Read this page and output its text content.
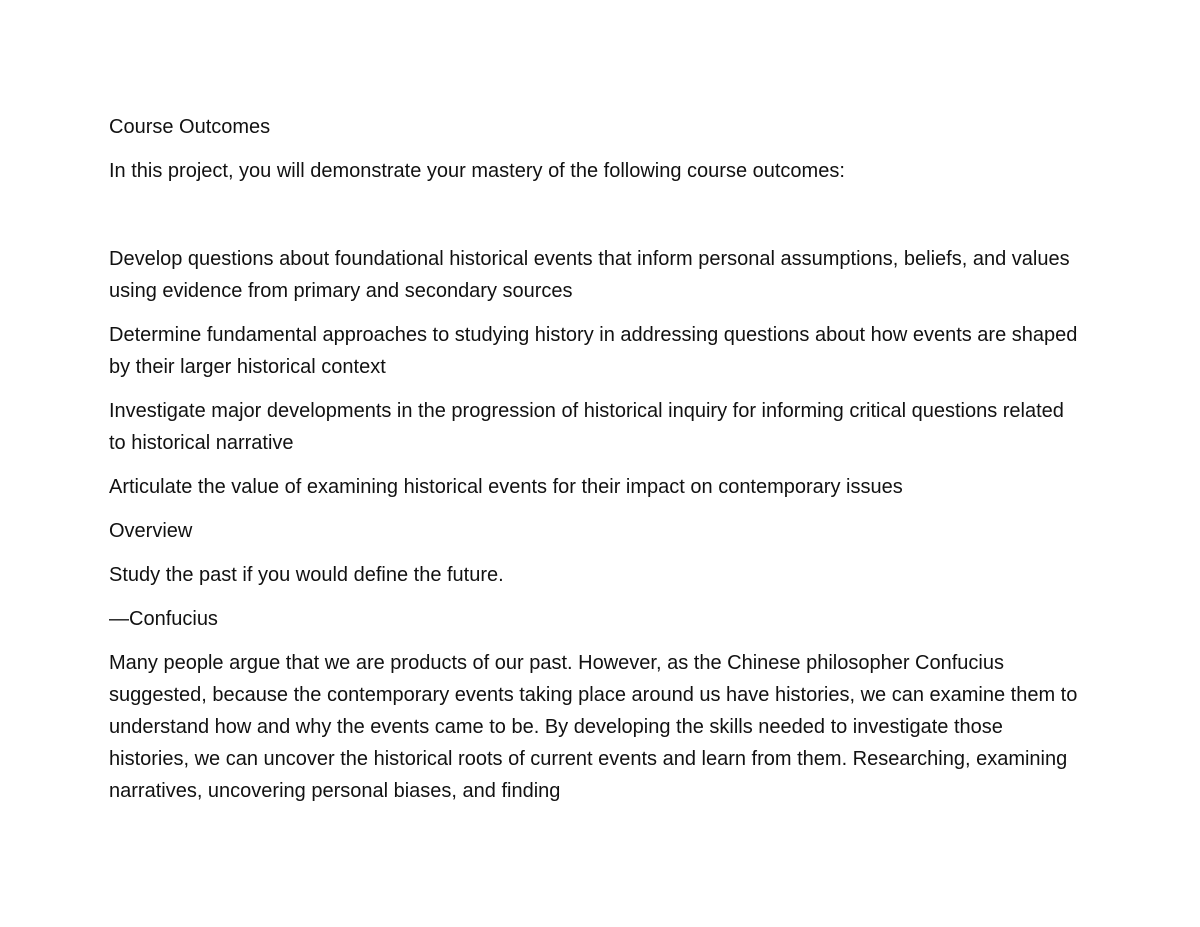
Course Outcomes

In this project, you will demonstrate your mastery of the following course outcomes:

Develop questions about foundational historical events that inform personal assumptions, beliefs, and values using evidence from primary and secondary sources

Determine fundamental approaches to studying history in addressing questions about how events are shaped by their larger historical context

Investigate major developments in the progression of historical inquiry for informing critical questions related to historical narrative

Articulate the value of examining historical events for their impact on contemporary issues

Overview

Study the past if you would define the future.

—Confucius

Many people argue that we are products of our past. However, as the Chinese philosopher Confucius suggested, because the contemporary events taking place around us have histories, we can examine them to understand how and why the events came to be. By developing the skills needed to investigate those histories, we can uncover the historical roots of current events and learn from them. Researching, examining narratives, uncovering personal biases, and finding
